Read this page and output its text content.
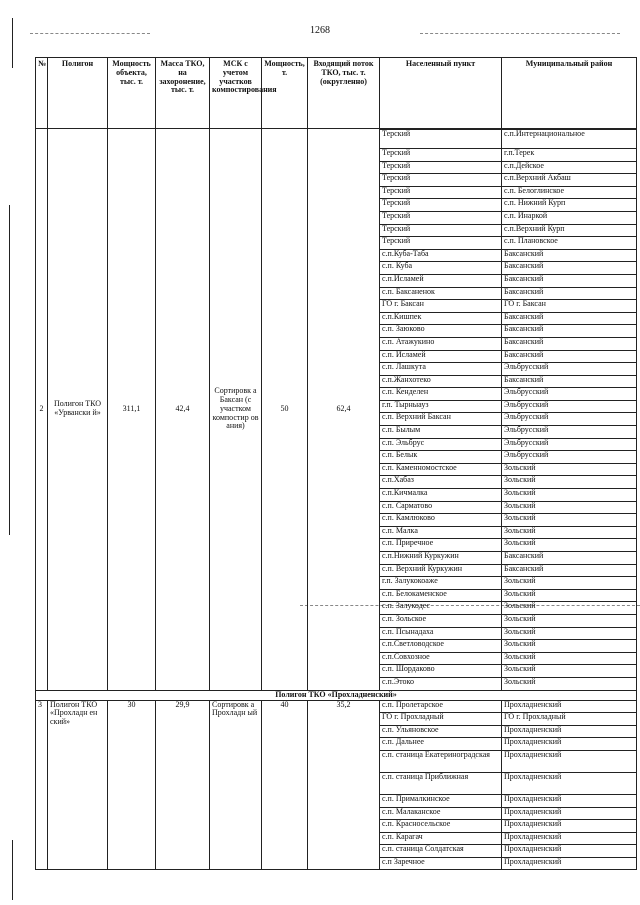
1268
№	Полигон	Мощность объекта, тыс. т.	Масса ТКО, на захоронение, тыс. т.	МСК с учетом участков компостирования	Мощность, т.	Входящий поток ТКО, тыс. т. (округленно)	Населенный пункт	Муниципальный район
2	Полигон ТКО «Урвански й»	311,1	42,4	Сортировк а Баксан (с участком компостир ов ания)	50	62,4		
							Терский	с.п.Интернациональное
							Терский	г.п.Терек
							Терский	с.п.Дейское
							Терский	с.п.Верхний Акбаш
							Терский	с.п. Белоглинское
							Терский	с.п. Нижний Курп
							Терский	с.п. Инаркой
							Терский	с.п.Верхний Курп
							Терский	с.п. Плановское
							с.п.Куба-Таба	Баксанский
							с.п. Куба	Баксанский
							с.п.Исламей	Баксанский
							с.п. Баксаненок	Баксанский
							ГО г. Баксан	ГО г. Баксан
							с.п.Кишпек	Баксанский
							с.п. Заюково	Баксанский
							с.п. Атажукино	Баксанский
							с.п. Исламей	Баксанский
							с.п. Лашкута	Эльбрусский
							с.п.Жанхотеко	Баксанский
							с.п. Кенделен	Эльбрусский
							г.п. Тырныауз	Эльбрусский
							с.п. Верхний Баксан	Эльбрусский
							с.п. Былым	Эльбрусский
							с.п. Эльбрус	Эльбрусский
							с.п. Белык	Эльбрусский
							с.п. Каменномостское	Зольский
							с.п.Хабаз	Зольский
							с.п.Кичмалка	Зольский
							с.п. Сарматово	Зольский
							с.п. Камлюково	Зольский
							с.п. Малка	Зольский
							с.п. Приречное	Зольский
							с.п.Нижний Куркужин	Баксанский
							с.п. Верхний Куркужин	Баксанский
							г.п. Залукокоаже	Зольский
							с.п. Белокаменское	Зольский
							с.п. Залукодес	Зольский
							с.п. Зольское	Зольский
							с.п. Псынадаха	Зольский
							с.п.Светловодское	Зольский
							с.п.Совхозное	Зольский
							с.п. Шордаково	Зольский
							с.п.Этоко	Зольский
Полигон ТКО «Прохладненский»								
3	Полигон ТКО «Прохладн ен ский»	30	29,9	Сортировк а Прохладн ый	40	35,2	с.п. Пролетарское	Прохладненский
							ГО г. Прохладный	ГО г. Прохладный
							с.п. Ульяновское	Прохладненский
							с.п. Дальнее	Прохладненский
							с.п. станица Екатериноградская	Прохладненский
							с.п. станица Приближная	Прохладненский
							с.п. Прималкинское	Прохладненский
							с.п. Малаканское	Прохладненский
							с.п. Красносельское	Прохладненский
							с.п. Карагач	Прохладненский
							с.п. станица Солдатская	Прохладненский
							с.п Заречное	Прохладненский
